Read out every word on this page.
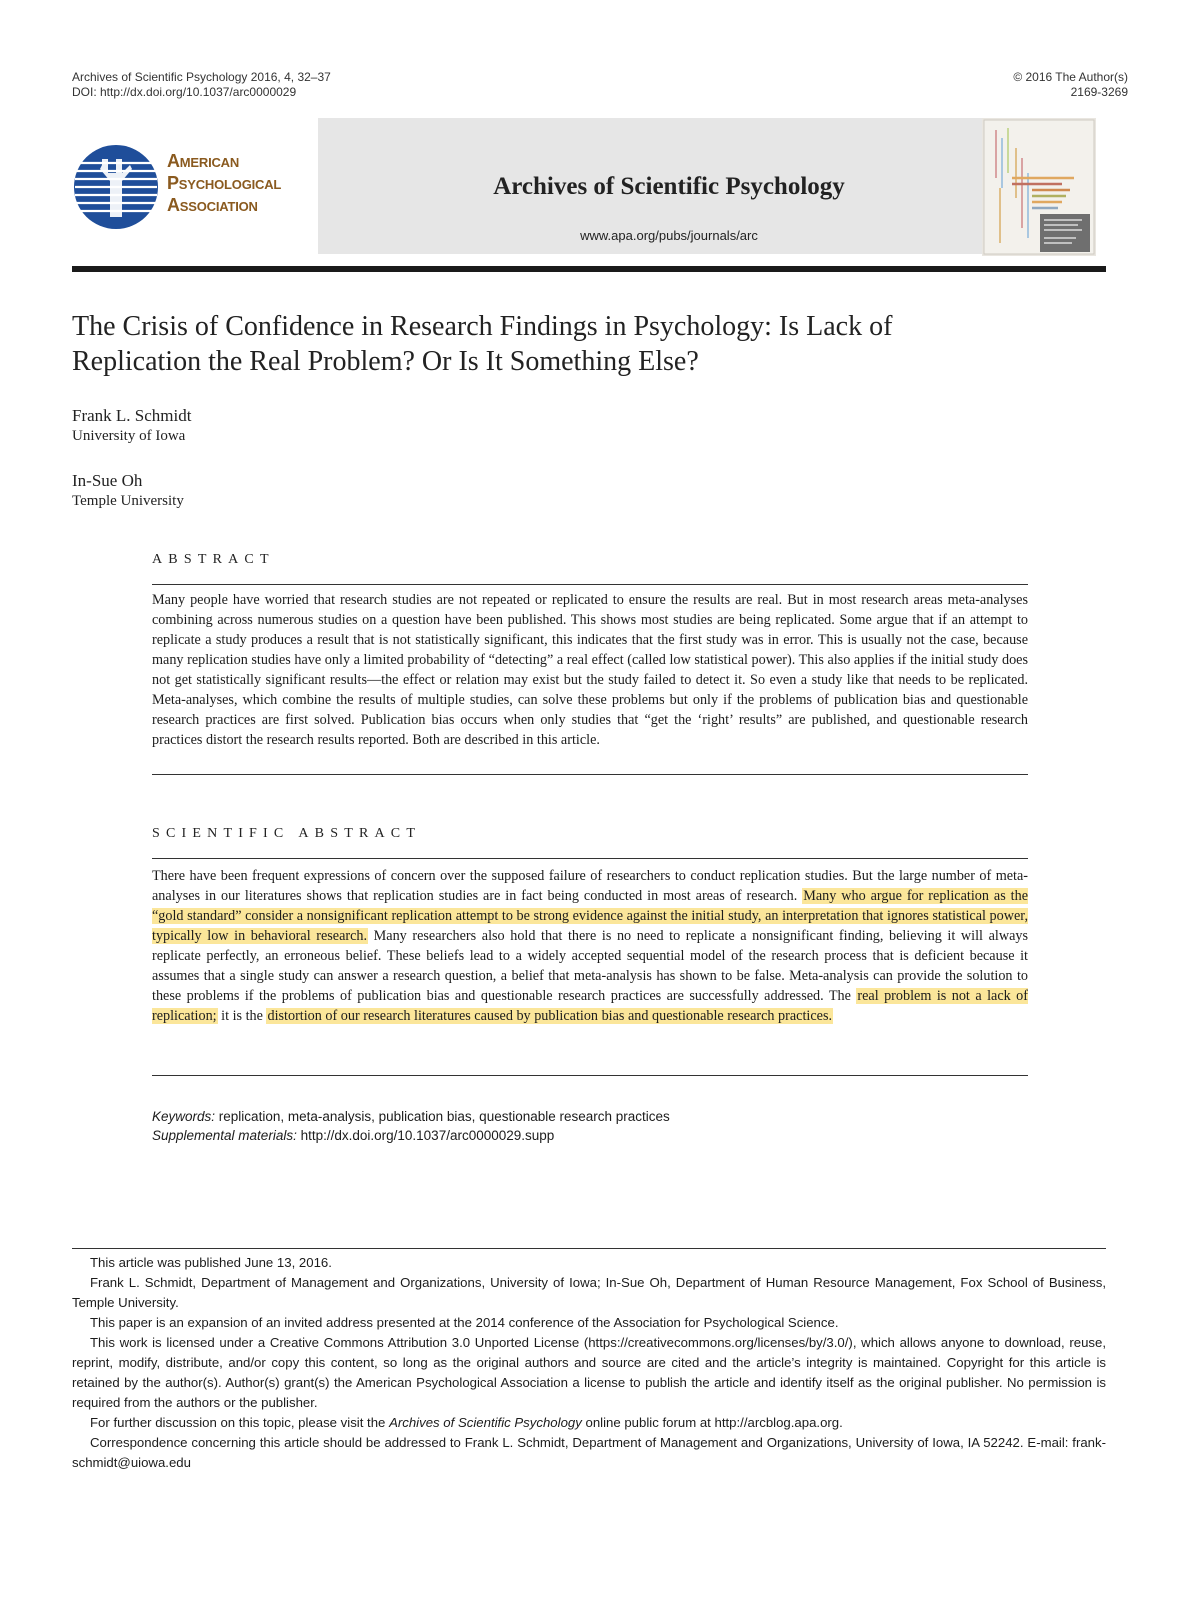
Archives of Scientific Psychology 2016, 4, 32–37
DOI: http://dx.doi.org/10.1037/arc0000029
© 2016 The Author(s)
2169-3269
American
Psychological
Association
Archives of Scientific Psychology
www.apa.org/pubs/journals/arc
The Crisis of Confidence in Research Findings in Psychology: Is Lack of
Replication the Real Problem? Or Is It Something Else?
Frank L. Schmidt
University of Iowa
In-Sue Oh
Temple University
ABSTRACT
Many people have worried that research studies are not repeated or replicated to ensure the results are real. But in most research areas meta-analyses combining across numerous studies on a question have been published. This shows most studies are being replicated. Some argue that if an attempt to replicate a study produces a result that is not statistically significant, this indicates that the first study was in error. This is usually not the case, because many replication studies have only a limited probability of “detecting” a real effect (called low statistical power). This also applies if the initial study does not get statistically significant results—the effect or relation may exist but the study failed to detect it. So even a study like that needs to be replicated. Meta-analyses, which combine the results of multiple studies, can solve these problems but only if the problems of publication bias and questionable research practices are first solved. Publication bias occurs when only studies that “get the ‘right’ results” are published, and questionable research practices distort the research results reported. Both are described in this article.
SCIENTIFIC ABSTRACT
There have been frequent expressions of concern over the supposed failure of researchers to conduct replication studies. But the large number of meta-analyses in our literatures shows that replication studies are in fact being conducted in most areas of research. Many who argue for replication as the “gold standard” consider a nonsignificant replication attempt to be strong evidence against the initial study, an interpretation that ignores statistical power, typically low in behavioral research. Many researchers also hold that there is no need to replicate a nonsignificant finding, believing it will always replicate perfectly, an erroneous belief. These beliefs lead to a widely accepted sequential model of the research process that is deficient because it assumes that a single study can answer a research question, a belief that meta-analysis has shown to be false. Meta-analysis can provide the solution to these problems if the problems of publication bias and questionable research practices are successfully addressed. The real problem is not a lack of replication; it is the distortion of our research literatures caused by publication bias and questionable research practices.
Keywords: replication, meta-analysis, publication bias, questionable research practices
Supplemental materials: http://dx.doi.org/10.1037/arc0000029.supp

This article was published June 13, 2016.

Frank L. Schmidt, Department of Management and Organizations, University of Iowa; In-Sue Oh, Department of Human Resource Management, Fox School of Business, Temple University.

This paper is an expansion of an invited address presented at the 2014 conference of the Association for Psychological Science.

This work is licensed under a Creative Commons Attribution 3.0 Unported License (https://creativecommons.org/licenses/by/3.0/), which allows anyone to download, reuse, reprint, modify, distribute, and/or copy this content, so long as the original authors and source are cited and the article’s integrity is maintained. Copyright for this article is retained by the author(s). Author(s) grant(s) the American Psychological Association a license to publish the article and identify itself as the original publisher. No permission is required from the authors or the publisher.

For further discussion on this topic, please visit the Archives of Scientific Psychology online public forum at http://arcblog.apa.org.

Correspondence concerning this article should be addressed to Frank L. Schmidt, Department of Management and Organizations, University of Iowa, IA 52242. E-mail: frank-schmidt@uiowa.edu
